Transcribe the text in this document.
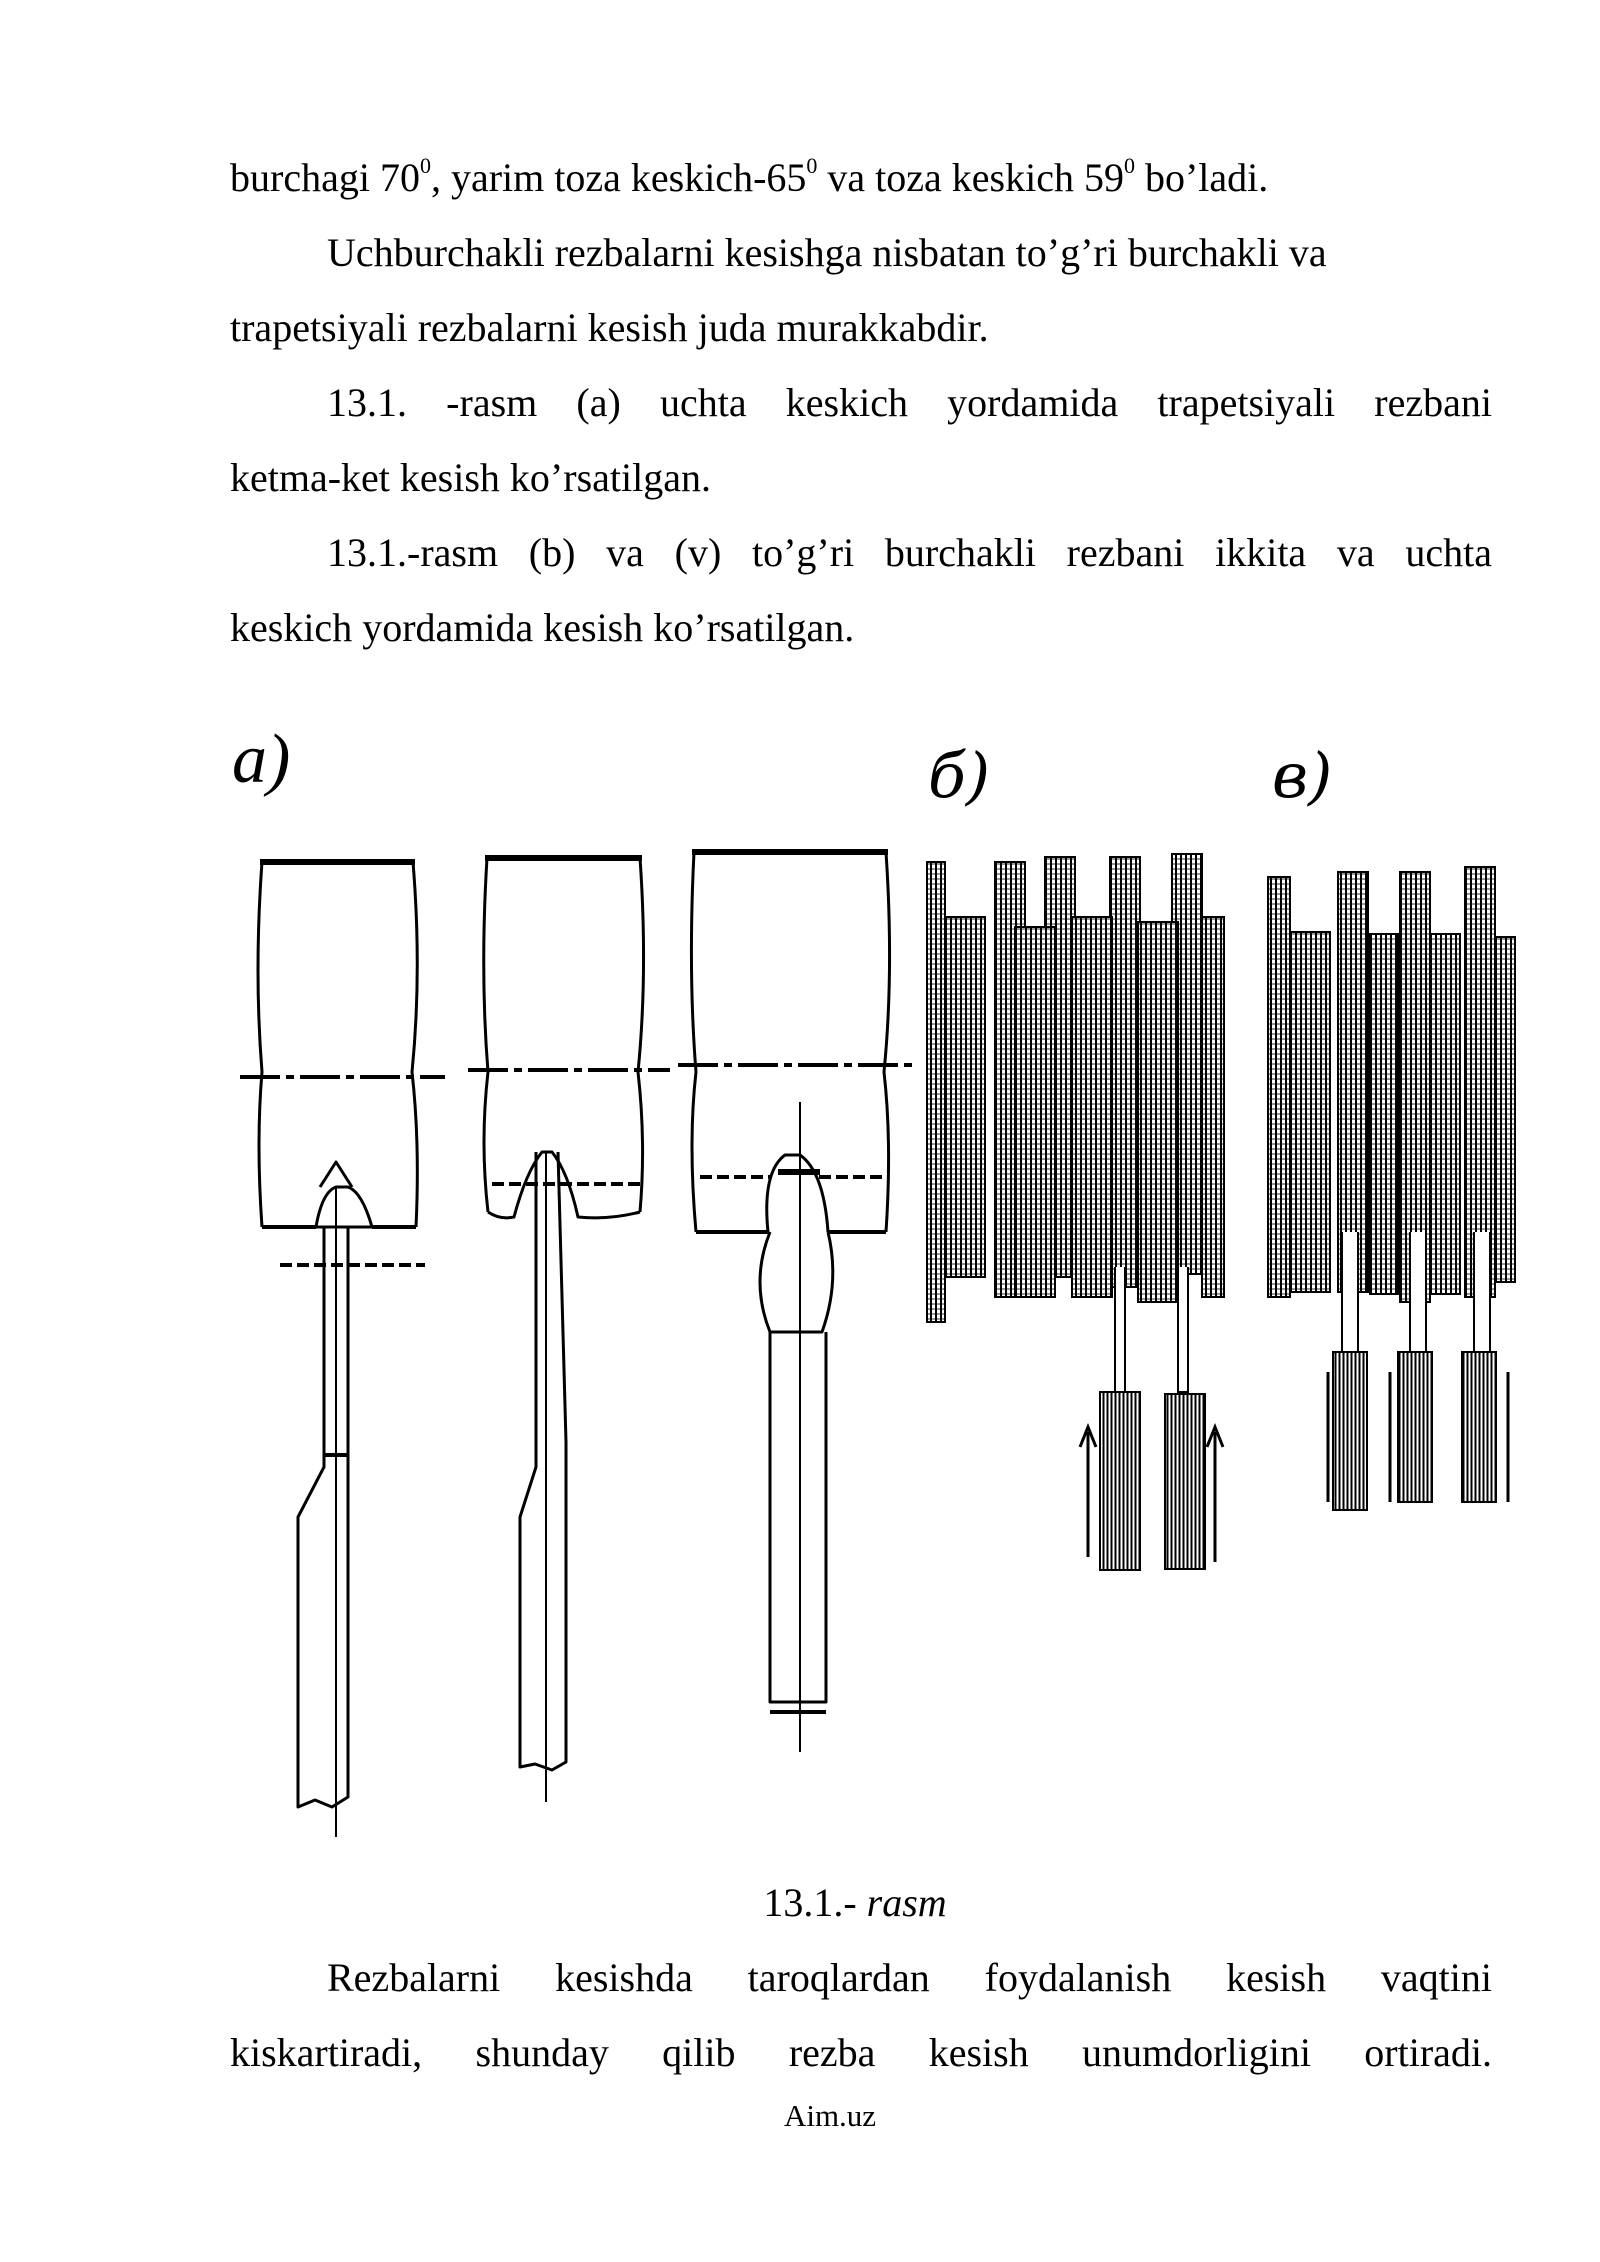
burchagi $70^0$, yarim toza keskich-$65^0$ va toza keskich $59^0$ bo’ladi.
Uchburchakli rezbalarni kesishga nisbatan to’g’ri burchakli va
trapetsiyali rezbalarni kesish juda murakkabdir.
13.1. -rasm (a) uchta keskich yordamida trapetsiyali rezbani
ketma-ket kesish ko’rsatilgan.
13.1.-rasm (b) va (v) to’g’ri burchakli rezbani ikkita va uchta
keskich yordamida kesish ko’rsatilgan.
a)	б)	в)
13.1.- rasm
Rezbalarni kesishda taroqlardan foydalanish kesish vaqtini
kiskartiradi, shunday qilib rezba kesish unumdorligini ortiradi.
Aim.uz
